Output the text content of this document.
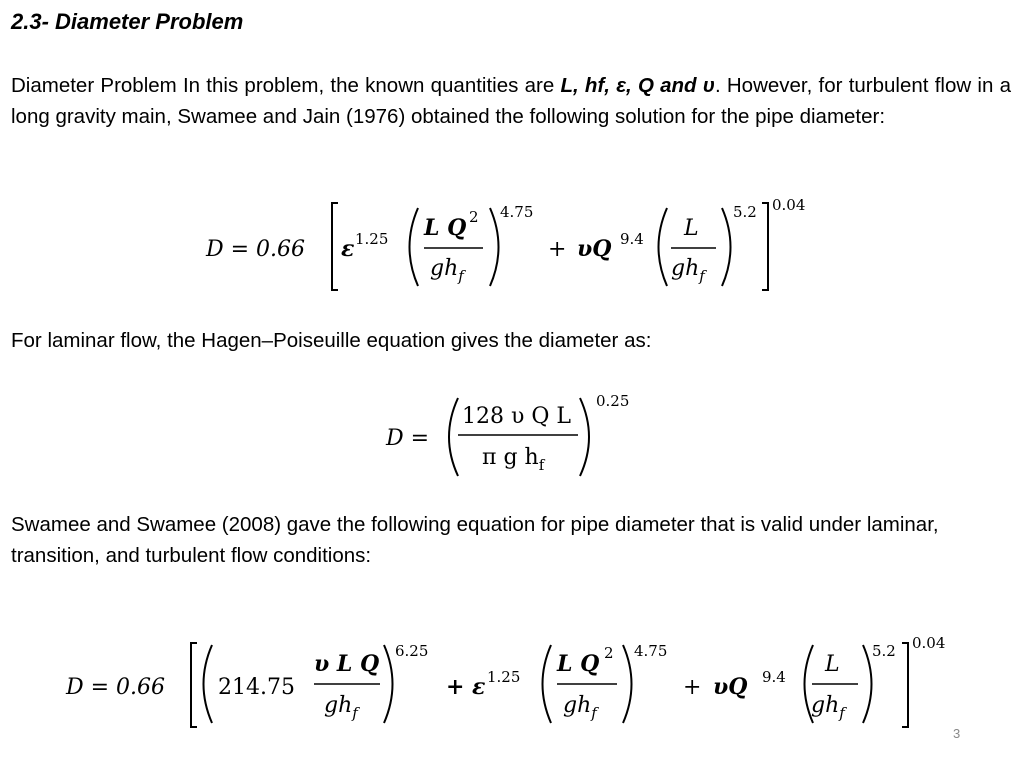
2.3- Diameter Problem
Diameter Problem In this problem, the known quantities are L, hf, ε, Q and υ. However, for turbulent flow in a long gravity main, Swamee and Jain (1976) obtained the following solution for the pipe diameter:
For laminar flow, the Hagen–Poiseuille equation gives the diameter as:
Swamee and Swamee (2008) gave the following equation for pipe diameter that is valid under laminar, transition, and turbulent flow conditions:
D = 0.66 ε 1.25 L Q 2
$gh_f$
4.75
+ υQ 9.4 L
$gh_f$
5.2 0.04
D =
128 υ Q L
π g $h_f$
0.25
D = 0.66 214.75
υ L Q
$gh_f$
6.25
+ ε 1.25 L Q 2
$gh_f$
4.75
+ υQ 9.4 L
$gh_f$
5.2 0.04
3
